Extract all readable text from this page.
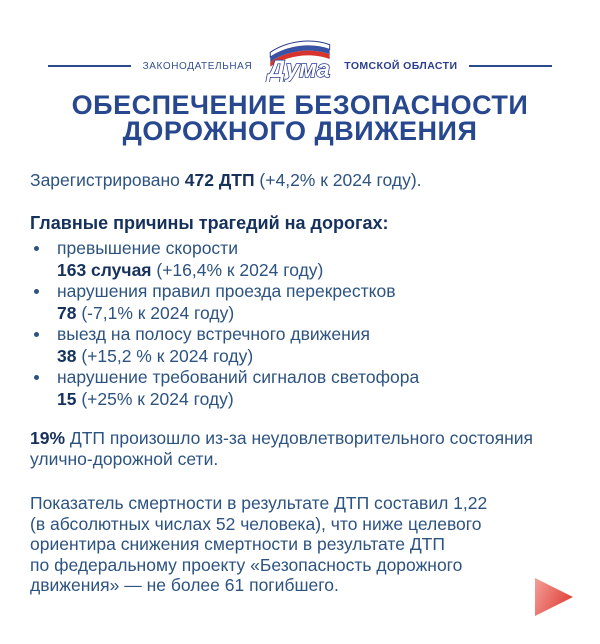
ЗАКОНОДАТЕЛЬНАЯ Дума ТОМСКОЙ ОБЛАСТИ
ОБЕСПЕЧЕНИЕ БЕЗОПАСНОСТИ
ДОРОЖНОГО ДВИЖЕНИЯ

Зарегистрировано 472 ДТП (+4,2% к 2024 году).

Главные причины трагедий на дорогах:
превышение скорости
163 случая (+16,4% к 2024 году)
нарушения правил проезда перекрестков
78 (-7,1% к 2024 году)
выезд на полосу встречного движения
38 (+15,2 % к 2024 году)
нарушение требований сигналов светофора
15 (+25% к 2024 году)

19% ДТП произошло из-за неудовлетворительного состояния улично-дорожной сети.

Показатель смертности в результате ДТП составил 1,22
(в абсолютных числах 52 человека), что ниже целевого
ориентира снижения смертности в результате ДТП
по федеральному проекту «Безопасность дорожного
движения» — не более 61 погибшего.
